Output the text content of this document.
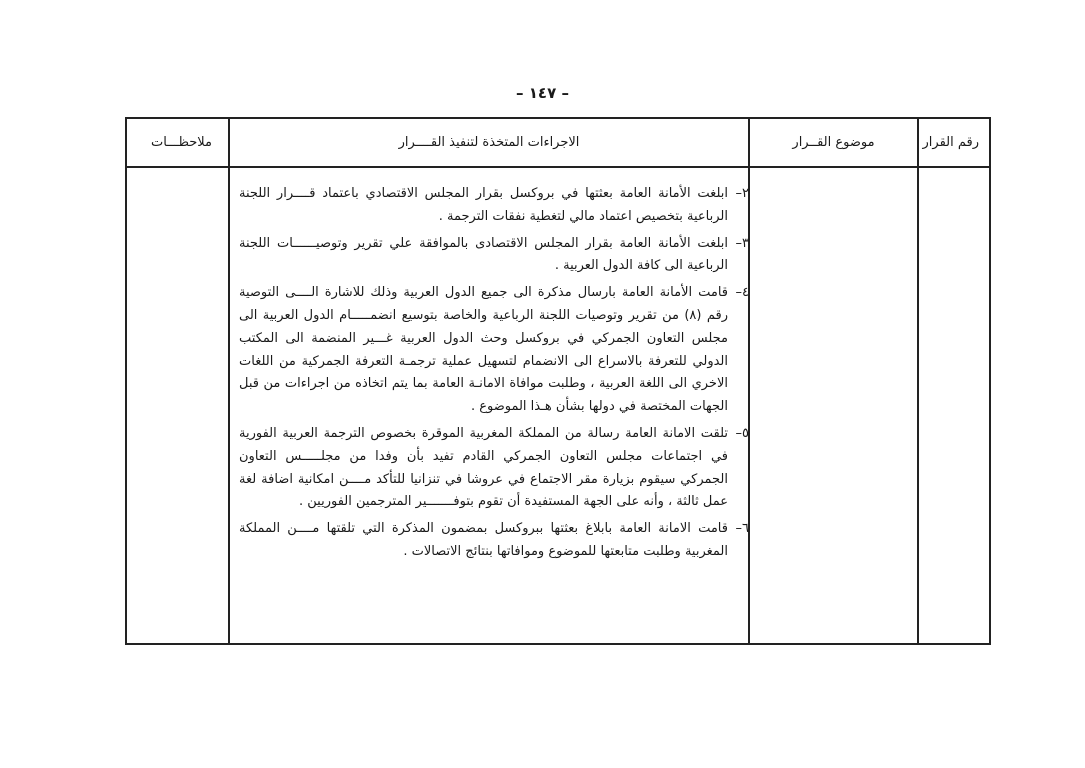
– ١٤٧ –
رقم القرار
موضوع القــرار
الاجراءات المتخذة لتنفيذ القــــرار
ملاحظـــات
٢–
ابلغت الأمانة العامة بعثتها في بروكسل بقرار المجلس الاقتصادي باعتماد قــــرار اللجنة الرباعية بتخصيص اعتماد مالي لتغطية نفقات الترجمة .
٣–
ابلغت الأمانة العامة بقرار المجلس الاقتصادى بالموافقة علي تقرير وتوصيــــــات اللجنة الرباعية الى كافة الدول العربية .
٤–
قامت الأمانة العامة بارسال مذكرة الى جميع الدول العربية وذلك للاشارة الــــى التوصية رقم (٨) من تقرير وتوصيات اللجنة الرباعية والخاصة بتوسيع انضمـــــام الدول العربية الى مجلس التعاون الجمركي في بروكسل وحث الدول العربية غـــير المنضمة الى المكتب الدولي للتعرفة بالاسراع الى الانضمام لتسهيل عملية ترجمـة التعرفة الجمركية من اللغات الاخري الى اللغة العربية ، وطلبت موافاة الامانـة العامة بما يتم اتخاذه من اجراءات من قبل الجهات المختصة في دولها بشأن هـذا الموضوع .
٥–
تلقت الامانة العامة رسالة من المملكة المغربية الموقرة بخصوص الترجمة العربية الفورية في اجتماعات مجلس التعاون الجمركي القادم تفيد بأن وفدا من مجلـــــس التعاون الجمركي سيقوم بزيارة مقر الاجتماع في عروشا في تنزانيا للتأكد مــــن امكانية اضافة لغة عمل ثالثة ، وأنه على الجهة المستفيدة أن تقوم بتوفـــــــير المترجمين الفوريين .
٦–
قامت الامانة العامة بابلاغ بعثتها ببروكسل بمضمون المذكرة التي تلقتها مــــن المملكة المغربية وطلبت متابعتها للموضوع وموافاتها بنتائج الاتصالات .
